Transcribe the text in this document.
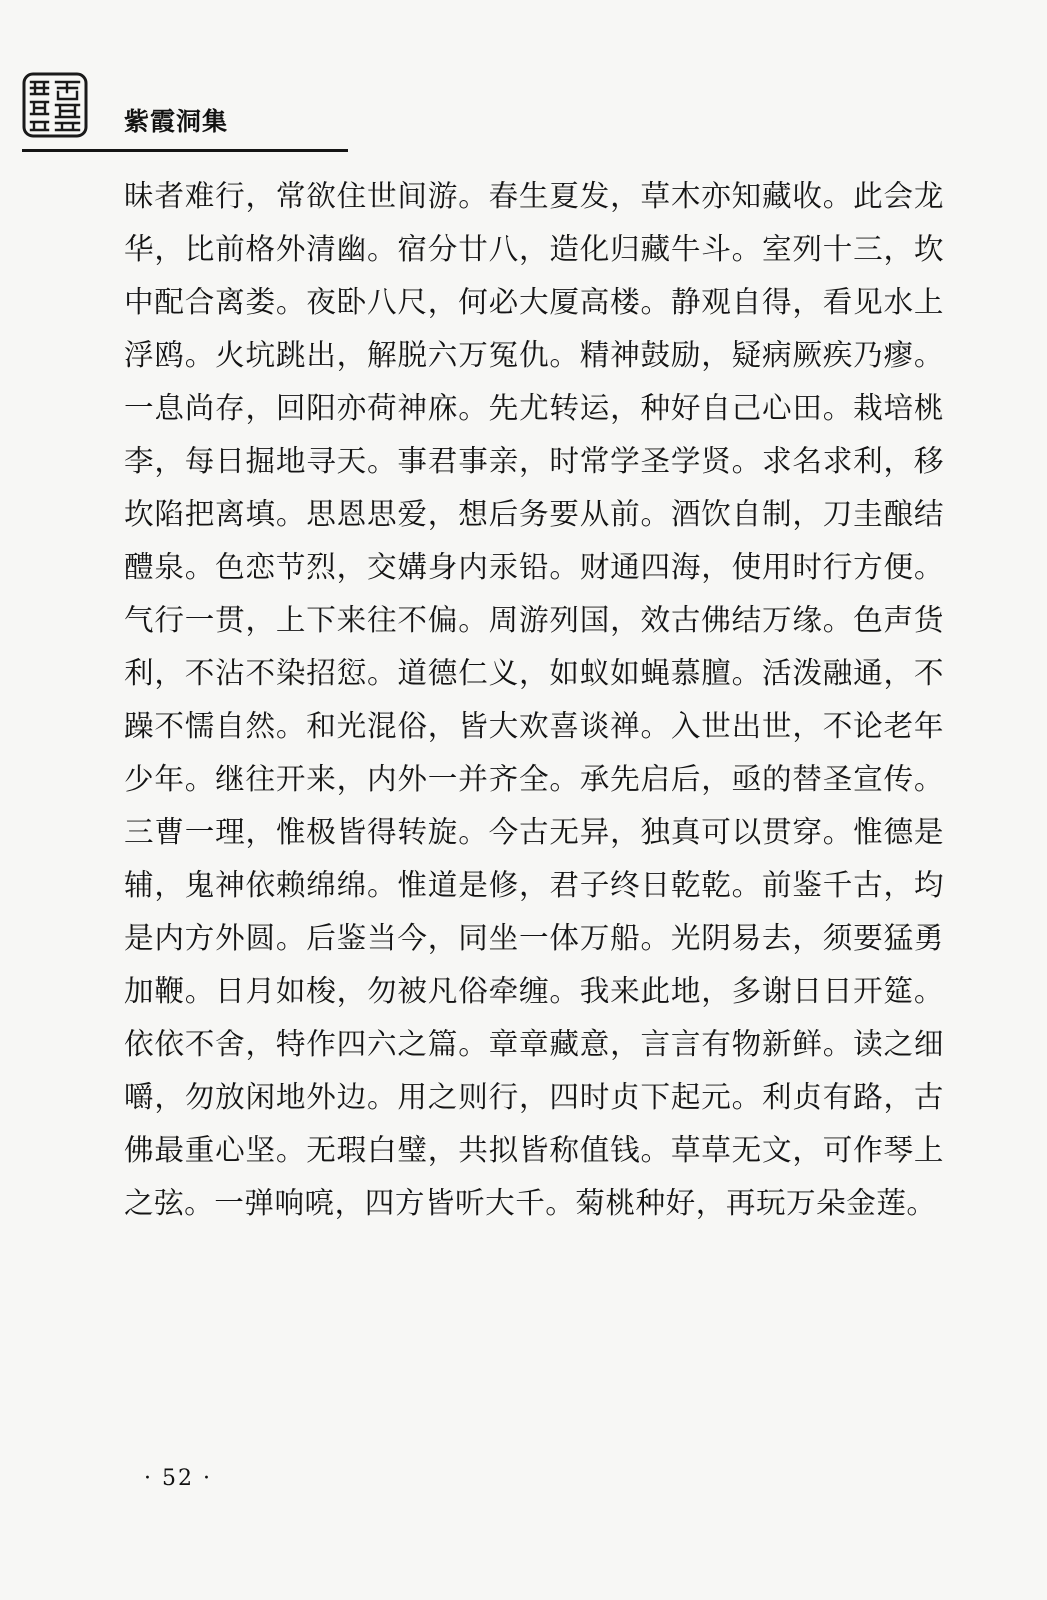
紫霞洞集

昧者难行，常欲住世间游。春生夏发，草木亦知藏收。此会龙华，比前格外清幽。宿分廿八，造化归藏牛斗。室列十三，坎中配合离娄。夜卧八尺，何必大厦高楼。静观自得，看见水上浮鸥。火坑跳出，解脱六万冤仇。精神鼓励，疑病厥疾乃瘳。一息尚存，回阳亦荷神庥。先尤转运，种好自己心田。栽培桃李，每日掘地寻天。事君事亲，时常学圣学贤。求名求利，移坎陷把离填。思恩思爱，想后务要从前。酒饮自制，刀圭酿结醴泉。色恋节烈，交媾身内汞铅。财通四海，使用时行方便。气行一贯，上下来往不偏。周游列国，效古佛结万缘。色声货利，不沾不染招愆。道德仁义，如蚁如蝇慕膻。活泼融通，不躁不懦自然。和光混俗，皆大欢喜谈禅。入世出世，不论老年少年。继往开来，内外一并齐全。承先启后，亟的替圣宣传。三曹一理，惟极皆得转旋。今古无异，独真可以贯穿。惟德是辅，鬼神依赖绵绵。惟道是修，君子终日乾乾。前鉴千古，均是内方外圆。后鉴当今，同坐一体万船。光阴易去，须要猛勇加鞭。日月如梭，勿被凡俗牵缠。我来此地，多谢日日开筵。依依不舍，特作四六之篇。章章藏意，言言有物新鲜。读之细嚼，勿放闲地外边。用之则行，四时贞下起元。利贞有路，古佛最重心坚。无瑕白璧，共拟皆称值钱。草草无文，可作琴上之弦。一弹响喨，四方皆听大千。菊桃种好，再玩万朵金莲。

· 52 ·
